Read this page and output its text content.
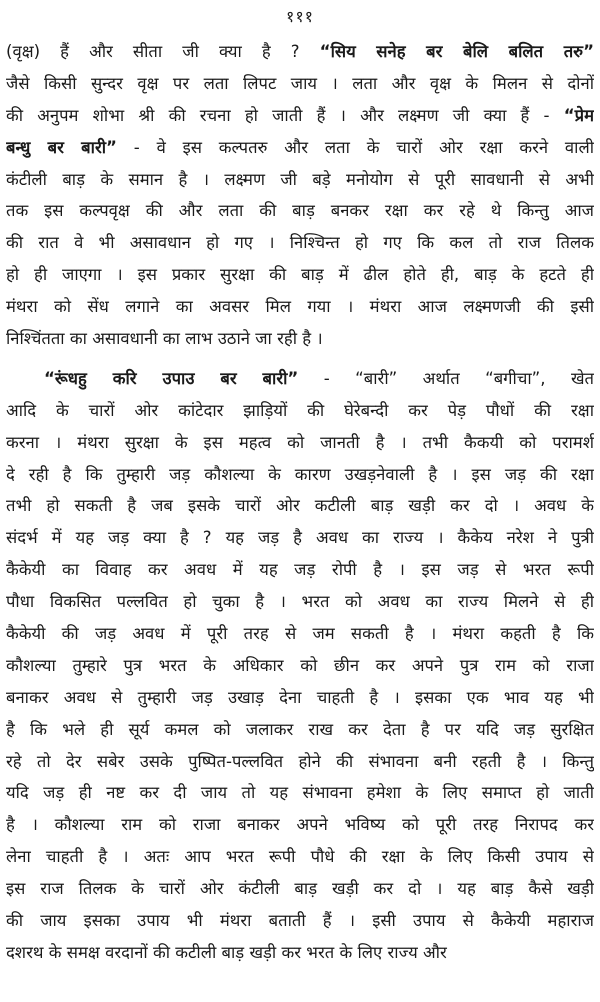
१११
(वृक्ष) हैं और सीता जी क्या है ? “सिय सनेह बर बेलि बलित तरु”
जैसे किसी सुन्दर वृक्ष पर लता लिपट जाय । लता और वृक्ष के मिलन से दोनों
की अनुपम शोभा श्री की रचना हो जाती हैं । और लक्ष्मण जी क्या हैं - “प्रेम
बन्धु बर बारी” - वे इस कल्पतरु और लता के चारों ओर रक्षा करने वाली
कंटीली बाड़ के समान है । लक्ष्मण जी बड़े मनोयोग से पूरी सावधानी से अभी
तक इस कल्पवृक्ष की और लता की बाड़ बनकर रक्षा कर रहे थे किन्तु आज
की रात वे भी असावधान हो गए । निश्चिन्त हो गए कि कल तो राज तिलक
हो ही जाएगा । इस प्रकार सुरक्षा की बाड़ में ढील होते ही, बाड़ के हटते ही
मंथरा को सेंध लगाने का अवसर मिल गया । मंथरा आज लक्ष्मणजी की इसी
निश्चिंतता का असावधानी का लाभ उठाने जा रही है ।
“रूंधहु करि उपाउ बर बारी” - “बारी” अर्थात “बगीचा”, खेत
आदि के चारों ओर कांटेदार झाड़ियों की घेरेबन्दी कर पेड़ पौधों की रक्षा
करना । मंथरा सुरक्षा के इस महत्व को जानती है । तभी कैकयी को परामर्श
दे रही है कि तुम्हारी जड़ कौशल्या के कारण उखड़नेवाली है । इस जड़ की रक्षा
तभी हो सकती है जब इसके चारों ओर कटीली बाड़ खड़ी कर दो । अवध के
संदर्भ में यह जड़ क्या है ? यह जड़ है अवध का राज्य । कैकेय नरेश ने पुत्री
कैकेयी का विवाह कर अवध में यह जड़ रोपी है । इस जड़ से भरत रूपी
पौधा विकसित पल्लवित हो चुका है । भरत को अवध का राज्य मिलने से ही
कैकेयी की जड़ अवध में पूरी तरह से जम सकती है । मंथरा कहती है कि
कौशल्या तुम्हारे पुत्र भरत के अधिकार को छीन कर अपने पुत्र राम को राजा
बनाकर अवध से तुम्हारी जड़ उखाड़ देना चाहती है । इसका एक भाव यह भी
है कि भले ही सूर्य कमल को जलाकर राख कर देता है पर यदि जड़ सुरक्षित
रहे तो देर सबेर उसके पुष्पित-पल्लवित होने की संभावना बनी रहती है । किन्तु
यदि जड़ ही नष्ट कर दी जाय तो यह संभावना हमेशा के लिए समाप्त हो जाती
है । कौशल्या राम को राजा बनाकर अपने भविष्य को पूरी तरह निरापद कर
लेना चाहती है । अतः आप भरत रूपी पौधे की रक्षा के लिए किसी उपाय से
इस राज तिलक के चारों ओर कंटीली बाड़ खड़ी कर दो । यह बाड़ कैसे खड़ी
की जाय इसका उपाय भी मंथरा बताती हैं । इसी उपाय से कैकेयी महाराज
दशरथ के समक्ष वरदानों की कटीली बाड़ खड़ी कर भरत के लिए राज्य और
